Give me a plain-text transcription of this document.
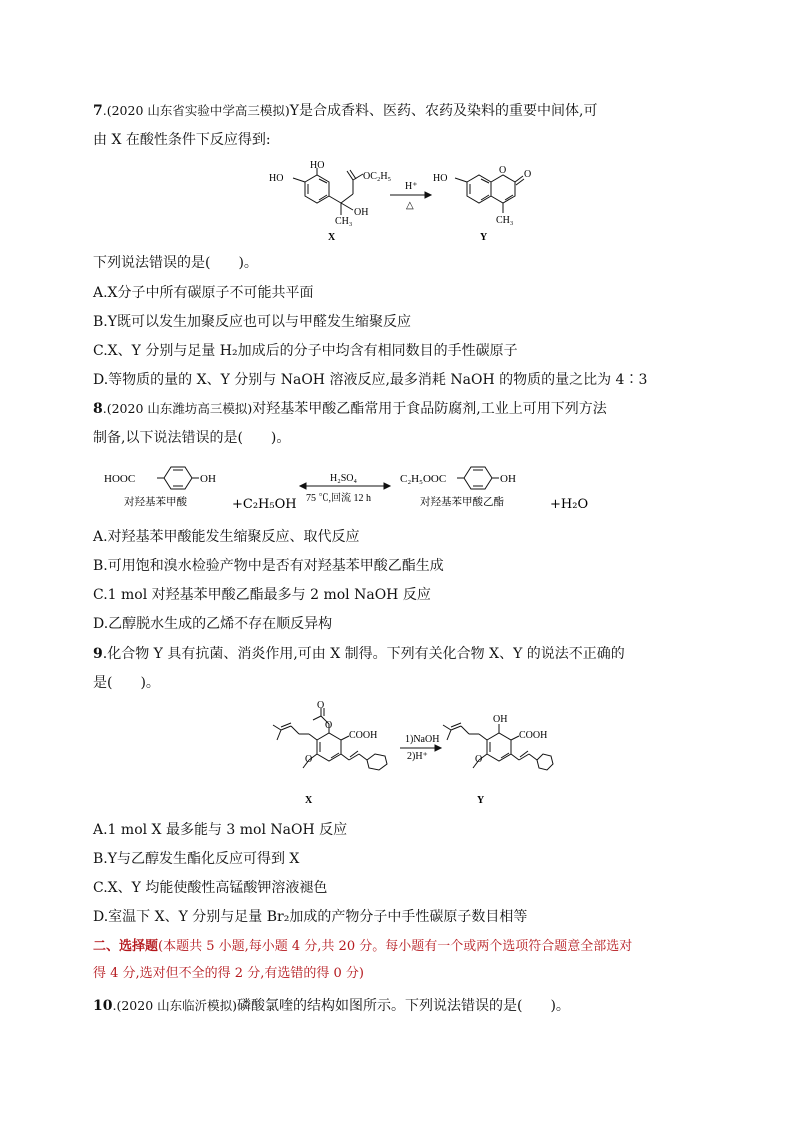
7.(2020 山东省实验中学高三模拟)Y是合成香料、医药、农药及染料的重要中间体,可
由 X 在酸性条件下反应得到:
HO
HO
OC₂H₅
CH₃
OH
X
H⁺
△
HO
O O
CH₃
Y
下列说法错误的是(　　)。
A.X分子中所有碳原子不可能共平面
B.Y既可以发生加聚反应也可以与甲醛发生缩聚反应
C.X、Y 分别与足量 H₂加成后的分子中均含有相同数目的手性碳原子
D.等物质的量的 X、Y 分别与 NaOH 溶液反应,最多消耗 NaOH 的物质的量之比为 4∶3
8.(2020 山东潍坊高三模拟)对羟基苯甲酸乙酯常用于食品防腐剂,工业上可用下列方法
制备,以下说法错误的是(　　)。
HOOC	OH
对羟基苯甲酸	+C₂H₅OH
H₂SO₄
75 ℃,回流 12 h
C₂H₅OOC	OH
对羟基苯甲酸乙酯	+H₂O
A.对羟基苯甲酸能发生缩聚反应、取代反应
B.可用饱和溴水检验产物中是否有对羟基苯甲酸乙酯生成
C.1 mol 对羟基苯甲酸乙酯最多与 2 mol NaOH 反应
D.乙醇脱水生成的乙烯不存在顺反异构
9.化合物 Y 具有抗菌、消炎作用,可由 X 制得。下列有关化合物 X、Y 的说法不正确的
是(　　)。
O
O
COOH
O
X
1)NaOH
2)H⁺
OH
COOH
O
Y
A.1 mol X 最多能与 3 mol NaOH 反应
B.Y与乙醇发生酯化反应可得到 X
C.X、Y 均能使酸性高锰酸钾溶液褪色
D.室温下 X、Y 分别与足量 Br₂加成的产物分子中手性碳原子数目相等
二、选择题(本题共 5 小题,每小题 4 分,共 20 分。每小题有一个或两个选项符合题意全部选对
得 4 分,选对但不全的得 2 分,有选错的得 0 分)
10.(2020 山东临沂模拟)磷酸氯喹的结构如图所示。下列说法错误的是(　　)。
